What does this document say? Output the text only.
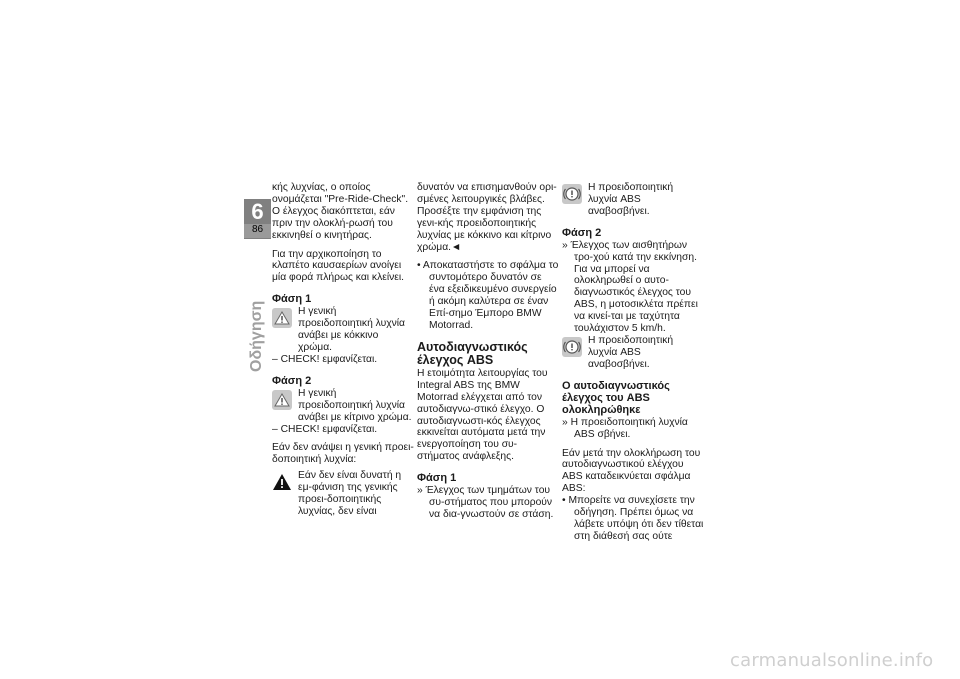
6
86
Οδήγηση

κής λυχνίας, ο οποίος ονομάζεται "Pre-Ride-Check". Ο έλεγχος διακόπτεται, εάν πριν την ολοκλή-ρωσή του εκκινηθεί ο κινητήρας.

Για την αρχικοποίηση το κλαπέτο καυσαερίων ανοίγει μία φορά πλήρως και κλείνει.

Φάση 1

Η γενική προειδοποιητική λυχνία ανάβει με κόκκινο χρώμα.

– CHECK! εμφανίζεται.

Φάση 2

Η γενική προειδοποιητική λυχνία ανάβει με κίτρινο χρώμα.

– CHECK! εμφανίζεται.

Εάν δεν ανάψει η γενική προει-δοποιητική λυχνία:

Εάν δεν είναι δυνατή η εμ-φάνιση της γενικής προει-δοποιητικής λυχνίας, δεν είναι

δυνατόν να επισημανθούν ορι-σμένες λειτουργικές βλάβες. Προσέξτε την εμφάνιση της γενι-κής προειδοποιητικής λυχνίας με κόκκινο και κίτρινο χρώμα.◄

• Αποκαταστήστε το σφάλμα το συντομότερο δυνατόν σε ένα εξειδικευμένο συνεργείο ή ακόμη καλύτερα σε έναν Επί-σημο Έμπορο BMW Motorrad.

Αυτοδιαγνωστικός έλεγχος ABS

Η ετοιμότητα λειτουργίας του Integral ABS της BMW Motorrad ελέγχεται από τον αυτοδιαγνω-στικό έλεγχο. Ο αυτοδιαγνωστι-κός έλεγχος εκκινείται αυτόματα μετά την ενεργοποίηση του συ-στήματος ανάφλεξης.

Φάση 1

» Έλεγχος των τμημάτων του συ-στήματος που μπορούν να δια-γνωστούν σε στάση.

Η προειδοποιητική λυχνία ABS αναβοσβήνει.

Φάση 2

» Έλεγχος των αισθητήρων τρο-χού κατά την εκκίνηση. Για να μπορεί να ολοκληρωθεί ο αυτο-διαγνωστικός έλεγχος του ABS, η μοτοσικλέτα πρέπει να κινεί-ται με ταχύτητα τουλάχιστον 5 km/h.

Η προειδοποιητική λυχνία ABS αναβοσβήνει.

Ο αυτοδιαγνωστικός έλεγχος του ABS ολοκληρώθηκε

» Η προειδοποιητική λυχνία ABS σβήνει.

Εάν μετά την ολοκλήρωση του αυτοδιαγνωστικού ελέγχου ABS καταδεικνύεται σφάλμα ABS:

• Μπορείτε να συνεχίσετε την οδήγηση. Πρέπει όμως να λάβετε υπόψη ότι δεν τίθεται στη διάθεσή σας ούτε

carmanualsonline.info
